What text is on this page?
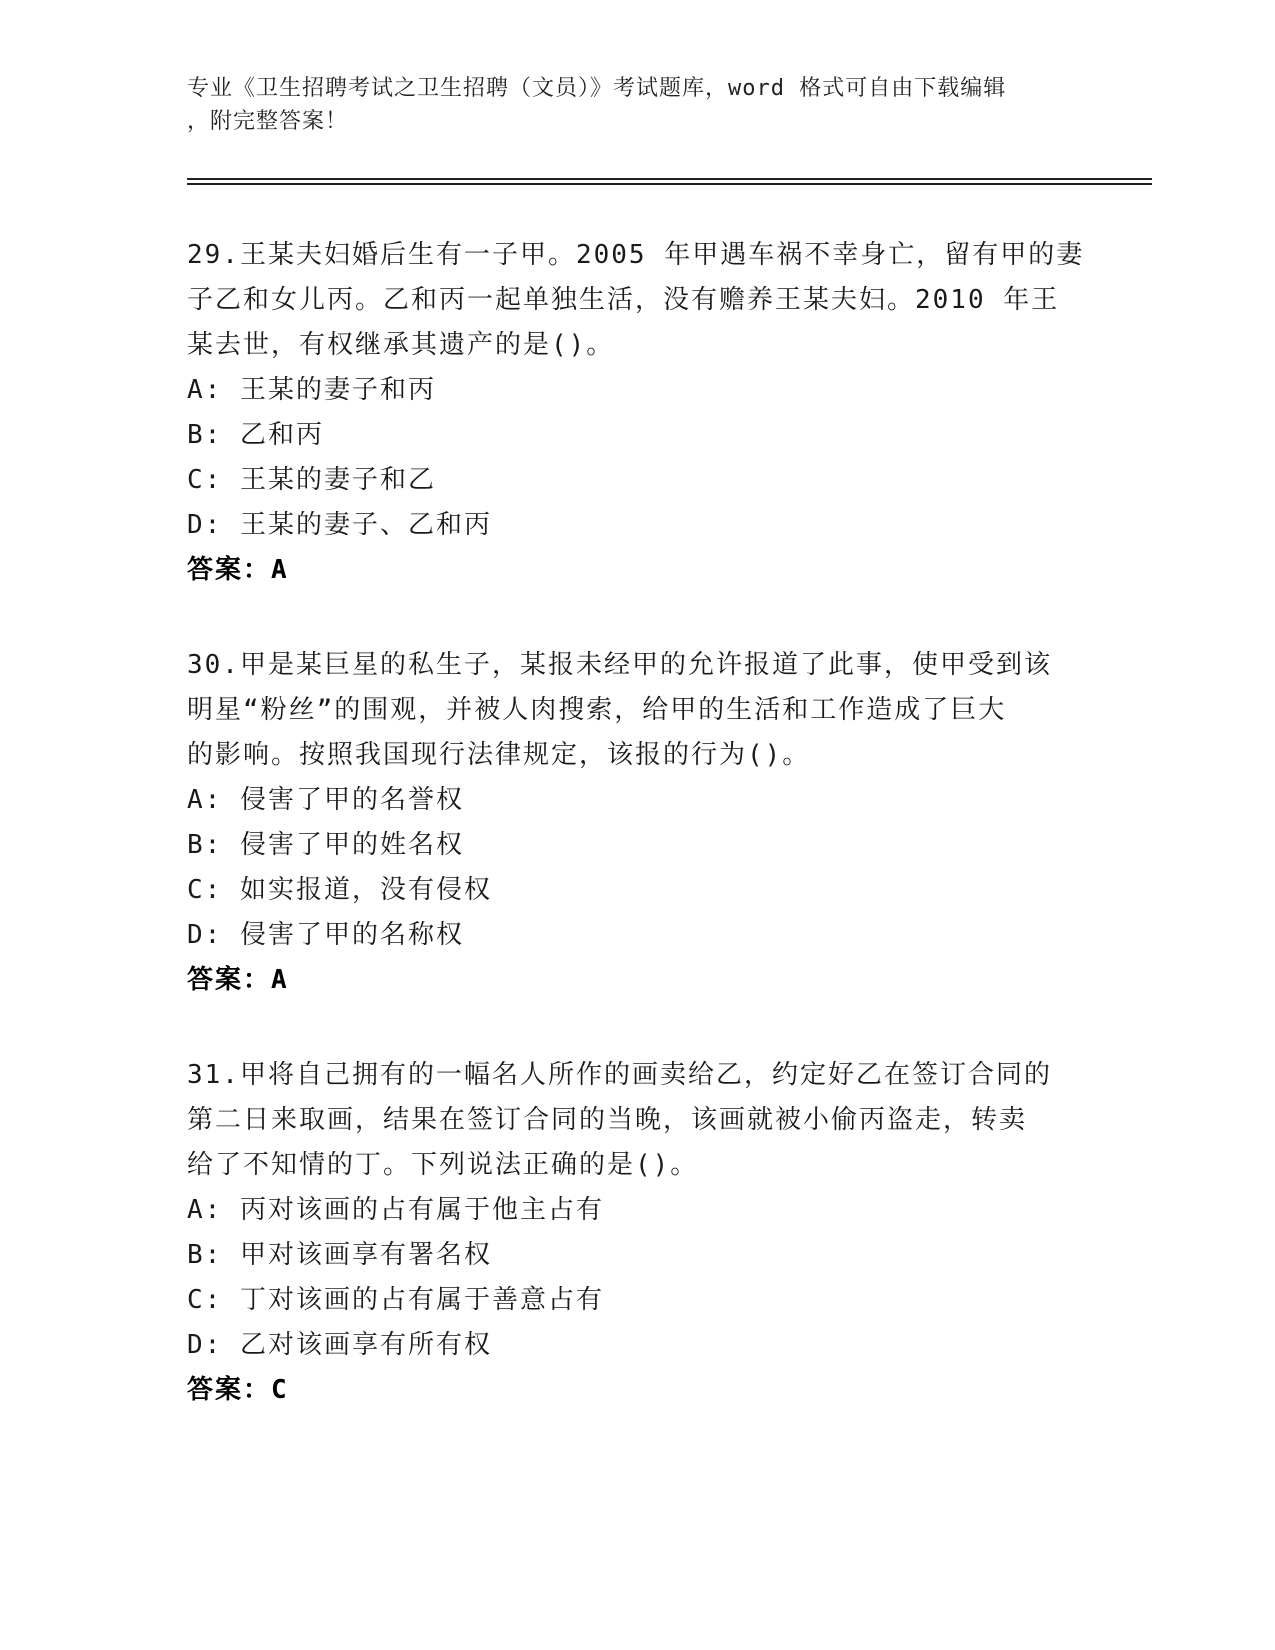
专业《卫生招聘考试之卫生招聘（文员）》考试题库，word 格式可自由下载编辑
，附完整答案！
29.王某夫妇婚后生有一子甲。2005 年甲遇车祸不幸身亡，留有甲的妻
子乙和女儿丙。乙和丙一起单独生活，没有赡养王某夫妇。2010 年王
某去世，有权继承其遗产的是()。
A: 王某的妻子和丙
B: 乙和丙
C: 王某的妻子和乙
D: 王某的妻子、乙和丙
答案：A
30.甲是某巨星的私生子，某报未经甲的允许报道了此事，使甲受到该
明星“粉丝”的围观，并被人肉搜索，给甲的生活和工作造成了巨大
的影响。按照我国现行法律规定，该报的行为()。
A: 侵害了甲的名誉权
B: 侵害了甲的姓名权
C: 如实报道，没有侵权
D: 侵害了甲的名称权
答案：A
31.甲将自己拥有的一幅名人所作的画卖给乙，约定好乙在签订合同的
第二日来取画，结果在签订合同的当晚，该画就被小偷丙盗走，转卖
给了不知情的丁。下列说法正确的是()。
A: 丙对该画的占有属于他主占有
B: 甲对该画享有署名权
C: 丁对该画的占有属于善意占有
D: 乙对该画享有所有权
答案：C
